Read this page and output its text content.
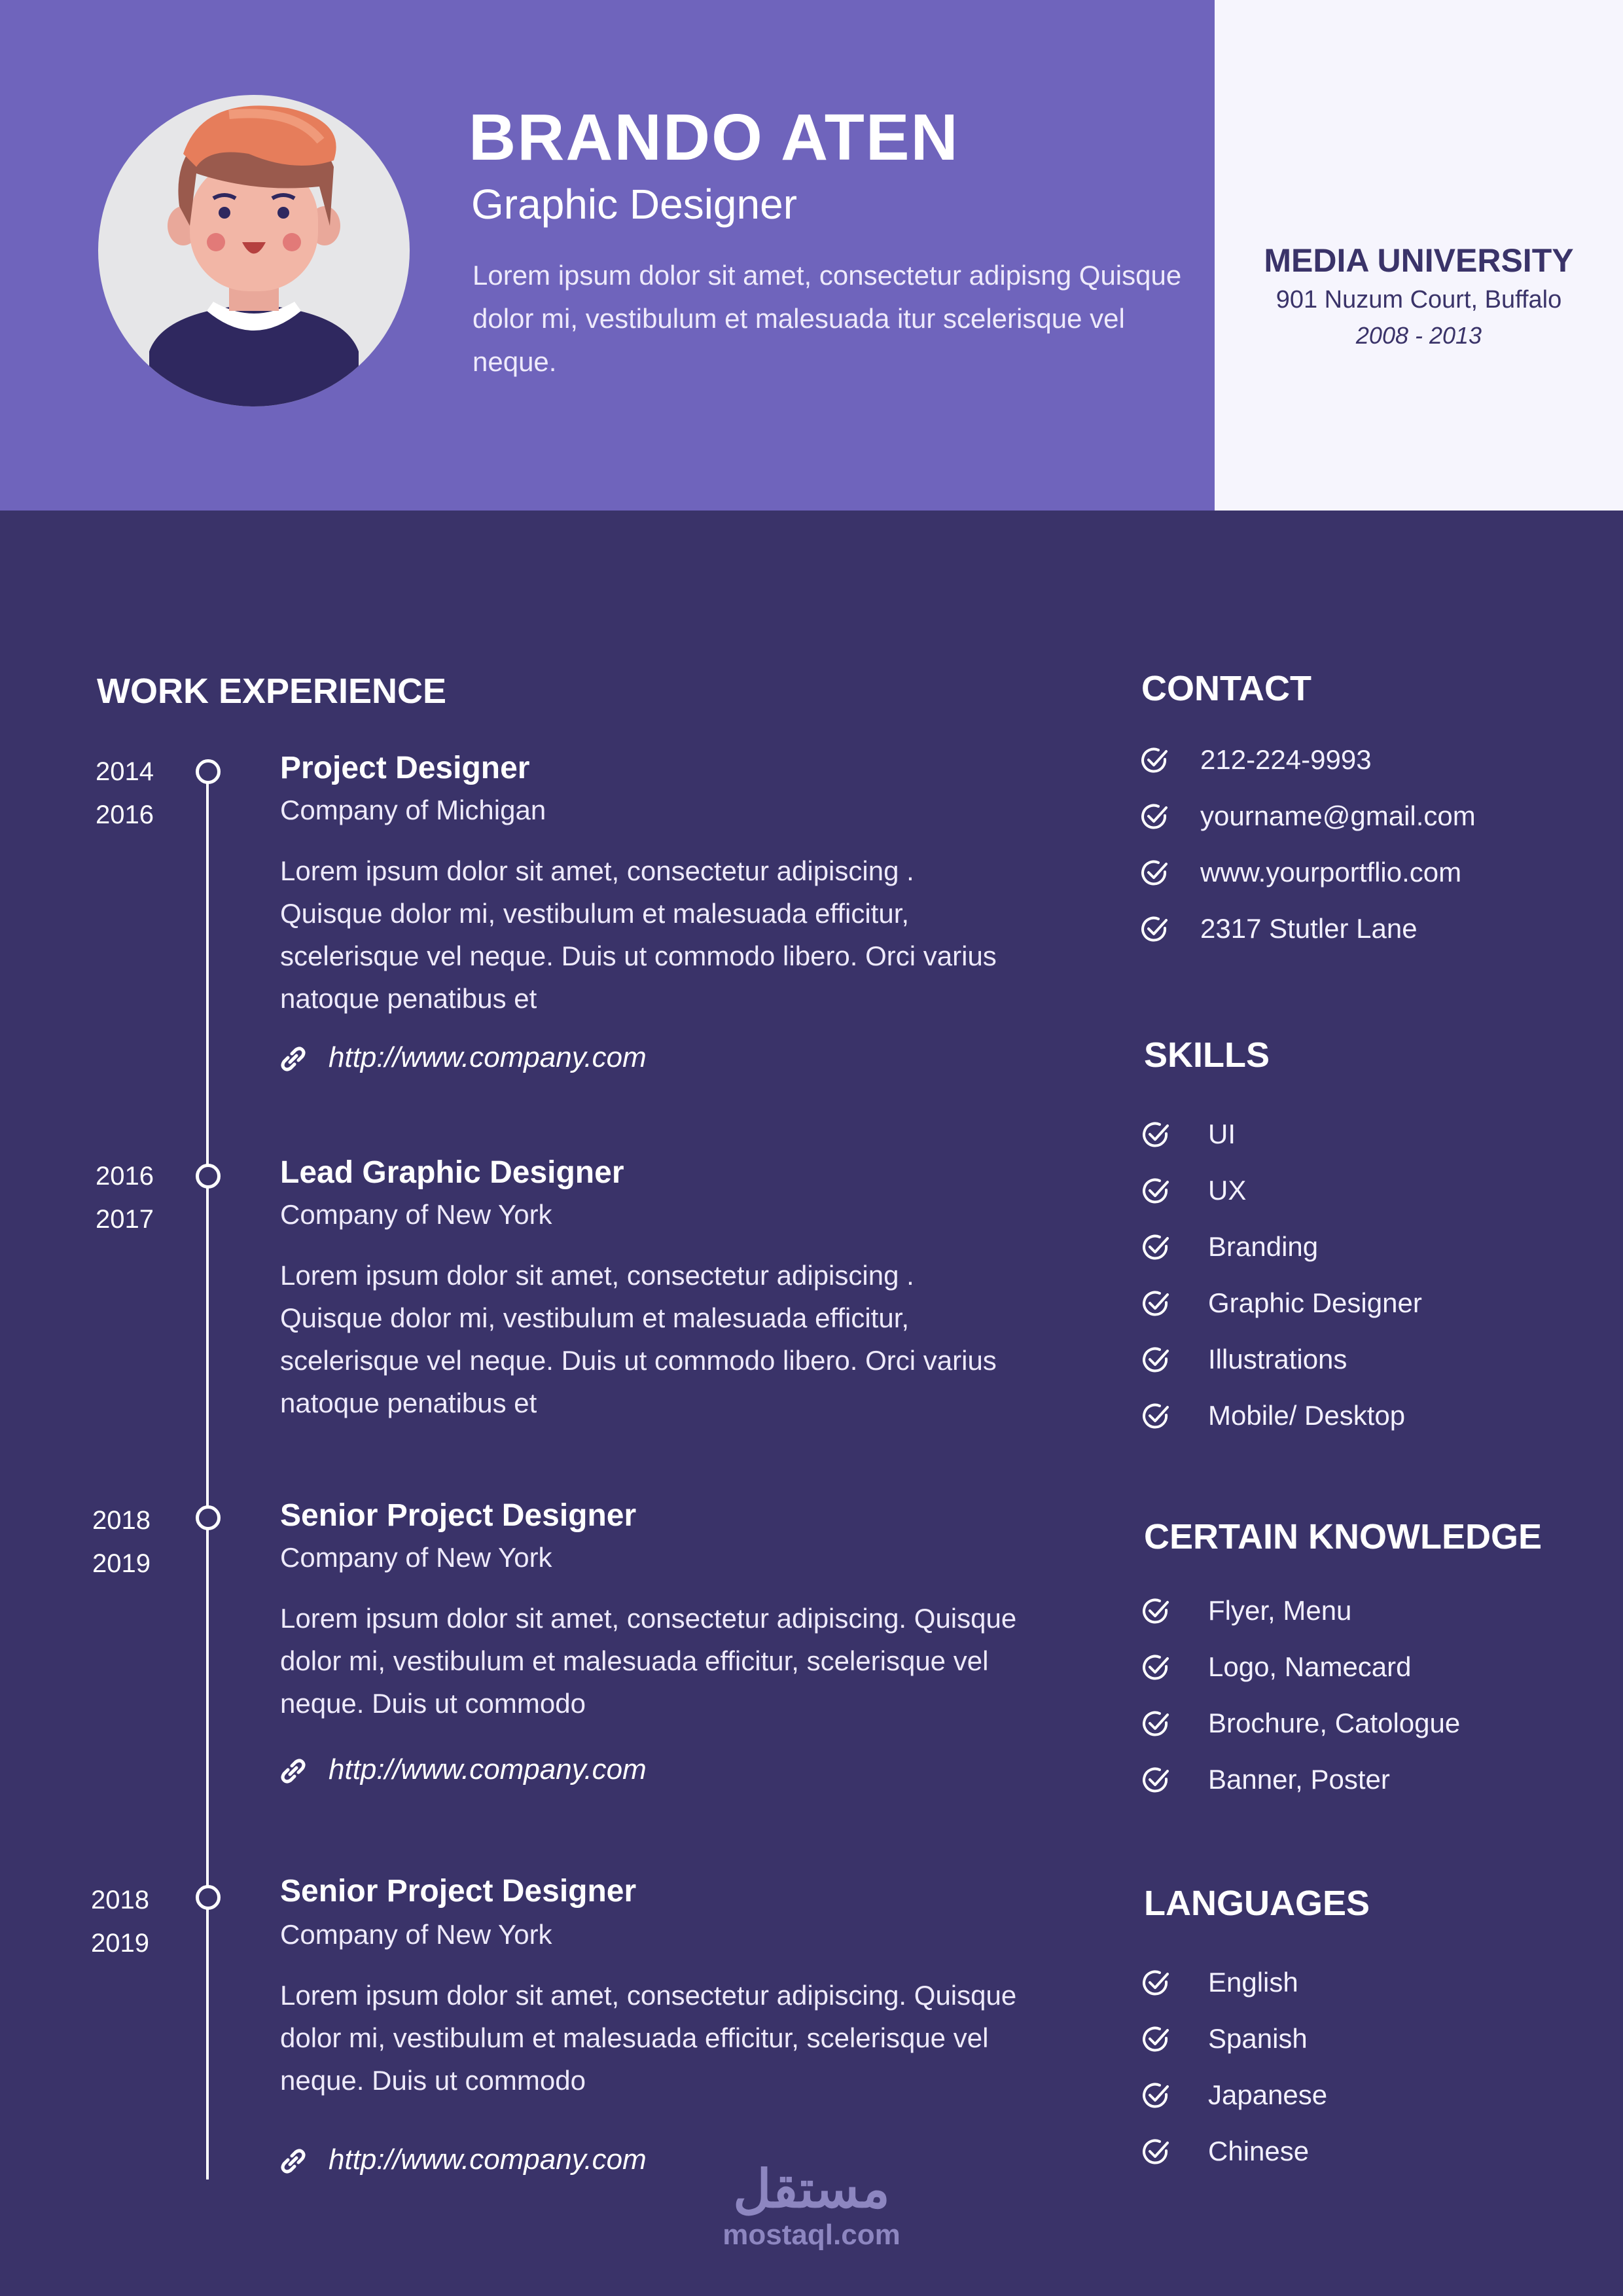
BRANDO ATEN
Graphic Designer
Lorem ipsum dolor sit amet, consectetur adipisng Quisque dolor mi, vestibulum et malesuada itur scelerisque vel neque.
MEDIA UNIVERSITY
901 Nuzum Court, Buffalo
2008 - 2013
WORK EXPERIENCE
2014
2016
Project Designer
Company of Michigan
Lorem ipsum dolor sit amet, consectetur adipiscing . Quisque dolor mi, vestibulum et malesuada efficitur, scelerisque vel neque. Duis ut commodo libero. Orci varius natoque penatibus et
http://www.company.com
2016
2017
Lead Graphic Designer
Company of New York
Lorem ipsum dolor sit amet, consectetur adipiscing . Quisque dolor mi, vestibulum et malesuada efficitur, scelerisque vel neque. Duis ut commodo libero. Orci varius natoque penatibus et
2018
2019
Senior Project Designer
Company of New York
Lorem ipsum dolor sit amet, consectetur adipiscing. Quisque dolor mi, vestibulum et malesuada efficitur, scelerisque vel neque. Duis ut commodo
http://www.company.com
2018
2019
Senior Project Designer
Company of New York
Lorem ipsum dolor sit amet, consectetur adipiscing. Quisque dolor mi, vestibulum et malesuada efficitur, scelerisque vel neque. Duis ut commodo
http://www.company.com
CONTACT
212-224-9993
yourname@gmail.com
www.yourportflio.com
2317 Stutler Lane
SKILLS
UI
UX
Branding
Graphic Designer
Illustrations
Mobile/ Desktop
CERTAIN KNOWLEDGE
Flyer, Menu
Logo, Namecard
Brochure, Catologue
Banner, Poster
LANGUAGES
English
Spanish
Japanese
Chinese
مستقل
mostaql.com
